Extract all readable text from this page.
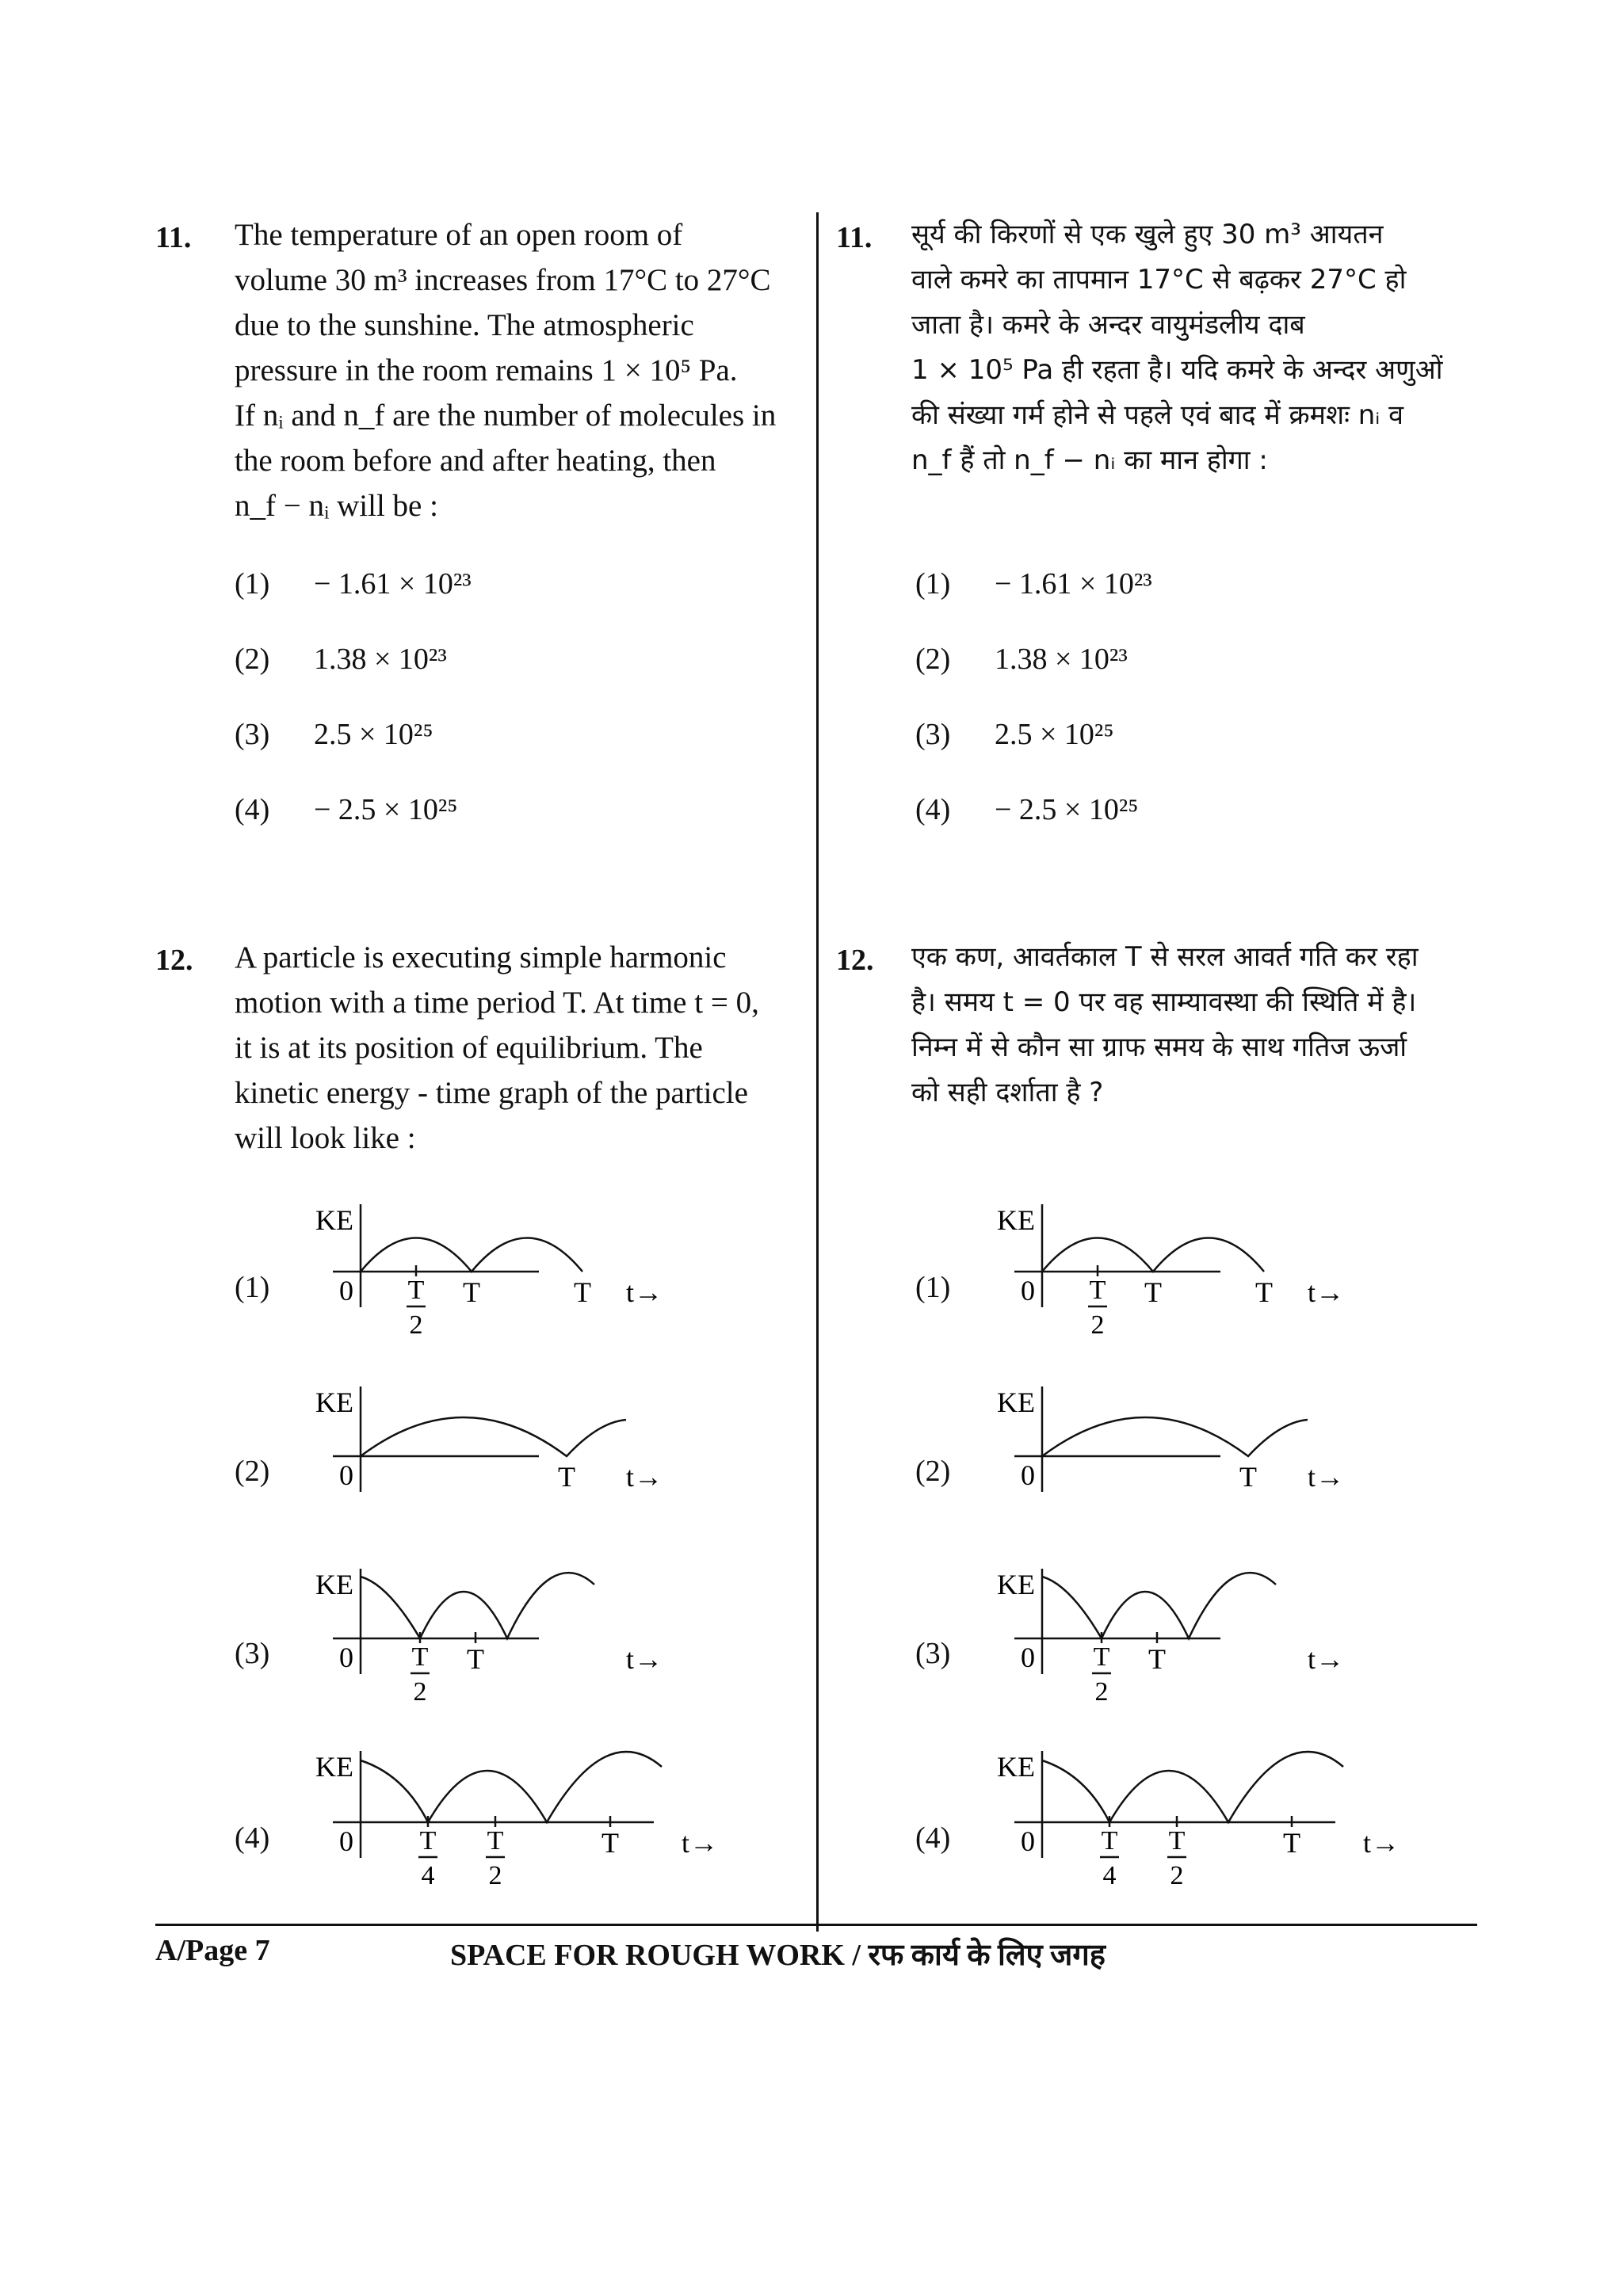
11. The temperature of an open room of
volume 30 m³ increases from 17°C to 27°C
due to the sunshine. The atmospheric
pressure in the room remains 1 × 10⁵ Pa.
If nᵢ and n_f are the number of molecules in
the room before and after heating, then
n_f − nᵢ will be :
(1) − 1.61 × 10²³
(2) 1.38 × 10²³
(3) 2.5 × 10²⁵
(4) − 2.5 × 10²⁵
11. सूर्य की किरणों से एक खुले हुए 30 m³ आयतन
वाले कमरे का तापमान 17°C से बढ़कर 27°C हो
जाता है। कमरे के अन्दर वायुमंडलीय दाब
1 × 10⁵ Pa ही रहता है। यदि कमरे के अन्दर अणुओं
की संख्या गर्म होने से पहले एवं बाद में क्रमशः nᵢ व
n_f हैं तो n_f − nᵢ का मान होगा :
(1) − 1.61 × 10²³
(2) 1.38 × 10²³
(3) 2.5 × 10²⁵
(4) − 2.5 × 10²⁵
12. A particle is executing simple harmonic
motion with a time period T. At time t = 0,
it is at its position of equilibrium. The
kinetic energy - time graph of the particle
will look like :
12. एक कण, आवर्तकाल T से सरल आवर्त गति कर रहा
है। समय t = 0 पर वह साम्यावस्था की स्थिति में है।
निम्न में से कौन सा ग्राफ समय के साथ गतिज ऊर्जा
को सही दर्शाता है ?
(1)
(2)
(3)
(4)
(1)
(2)
(3)
(4)
KE
0 T
2
T	T t→
KE
0	T t→
KE
0 T
2
T	t→
KE
0 T
4
T
2
T t→
KE
0 T
2
T	T t→
KE
0	T t→
KE
0 T
2
T	t→
KE
0 T
4
T
2
T t→
A/Page 7	SPACE FOR ROUGH WORK / रफ कार्य के लिए जगह
